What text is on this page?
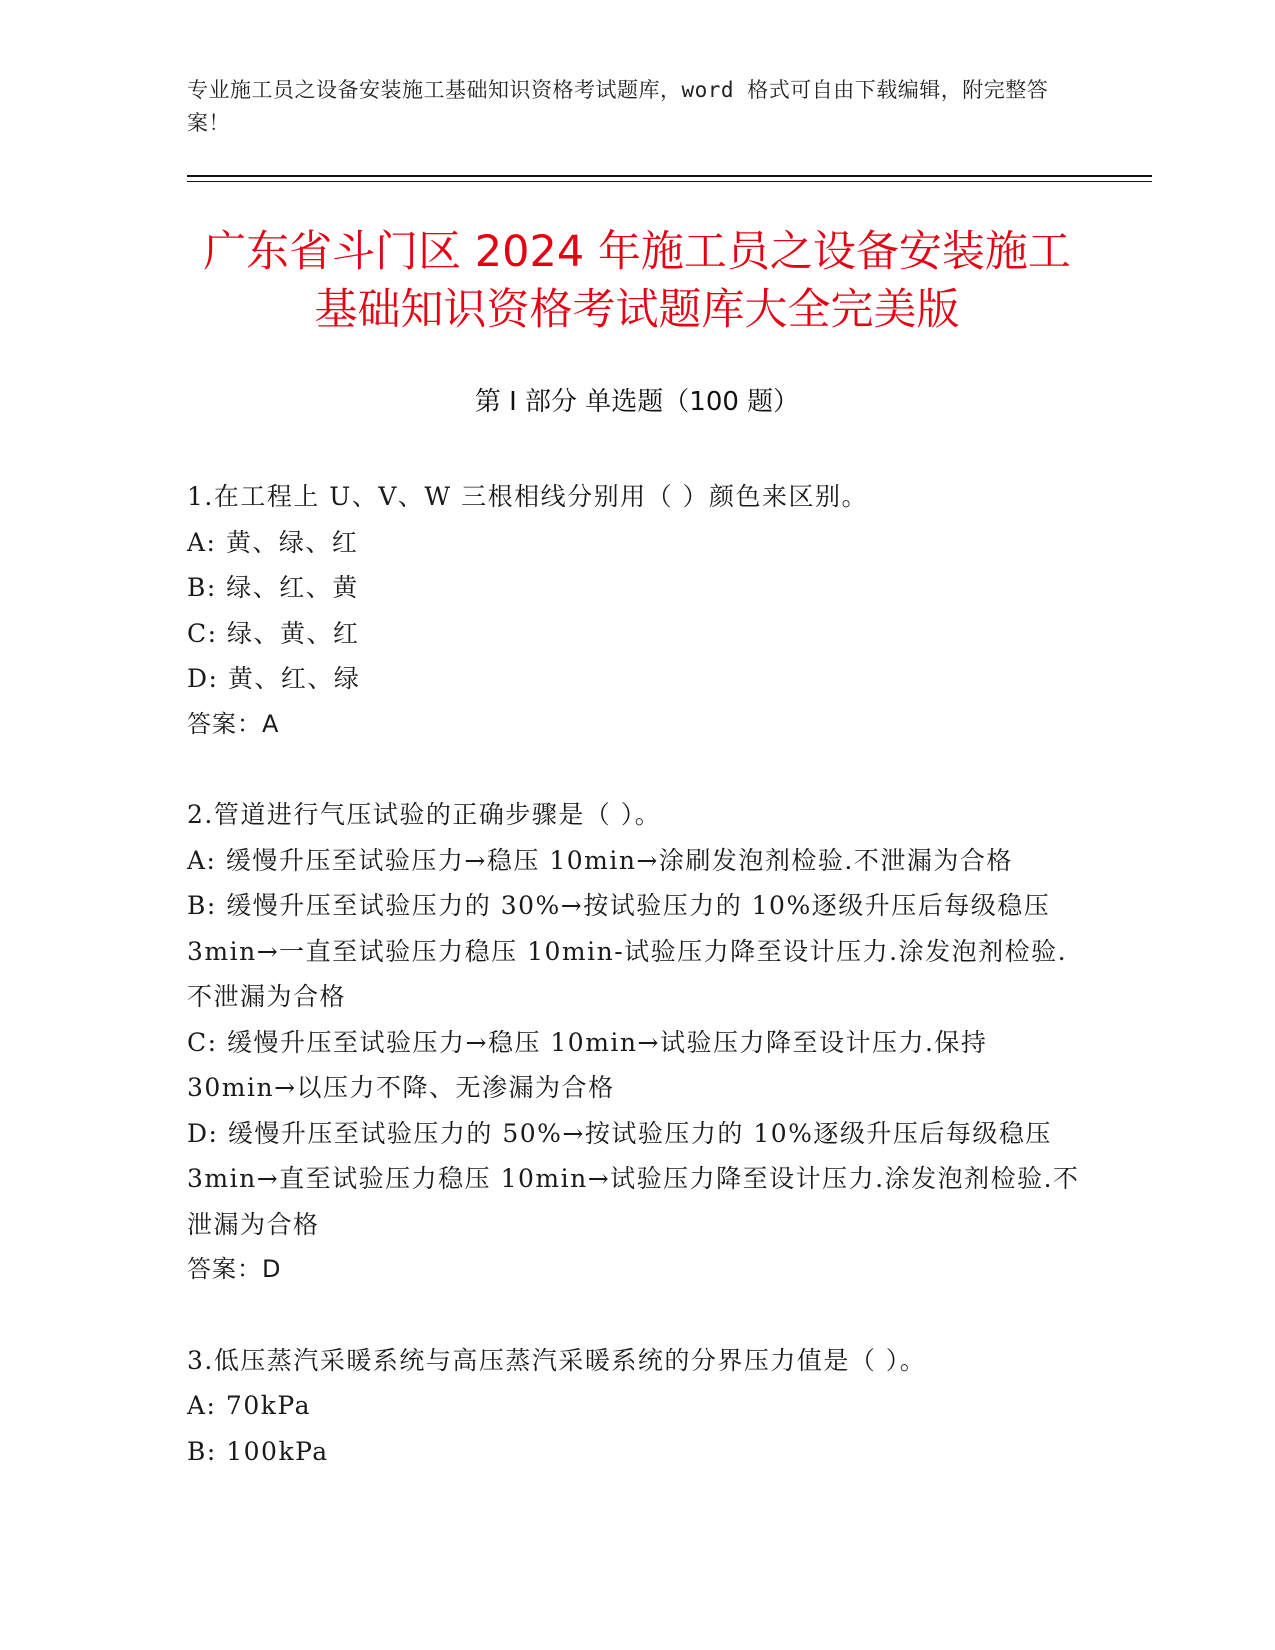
专业施工员之设备安装施工基础知识资格考试题库，word 格式可自由下载编辑，附完整答案！
广东省斗门区 2024 年施工员之设备安装施工基础知识资格考试题库大全完美版
第 I 部分 单选题（100 题）

1.在工程上 U、V、W 三根相线分别用（ ）颜色来区别。

A: 黄、绿、红

B: 绿、红、黄

C: 绿、黄、红

D: 黄、红、绿

答案：A

2.管道进行气压试验的正确步骤是（ ）。

A: 缓慢升压至试验压力→稳压 10min→涂刷发泡剂检验.不泄漏为合格

B: 缓慢升压至试验压力的 30%→按试验压力的 10%逐级升压后每级稳压 3min→一直至试验压力稳压 10min-试验压力降至设计压力.涂发泡剂检验.不泄漏为合格

C: 缓慢升压至试验压力→稳压 10min→试验压力降至设计压力.保持 30min→以压力不降、无渗漏为合格

D: 缓慢升压至试验压力的 50%→按试验压力的 10%逐级升压后每级稳压 3min→直至试验压力稳压 10min→试验压力降至设计压力.涂发泡剂检验.不泄漏为合格

答案：D

3.低压蒸汽采暖系统与高压蒸汽采暖系统的分界压力值是（ ）。

A: 70kPa

B: 100kPa
